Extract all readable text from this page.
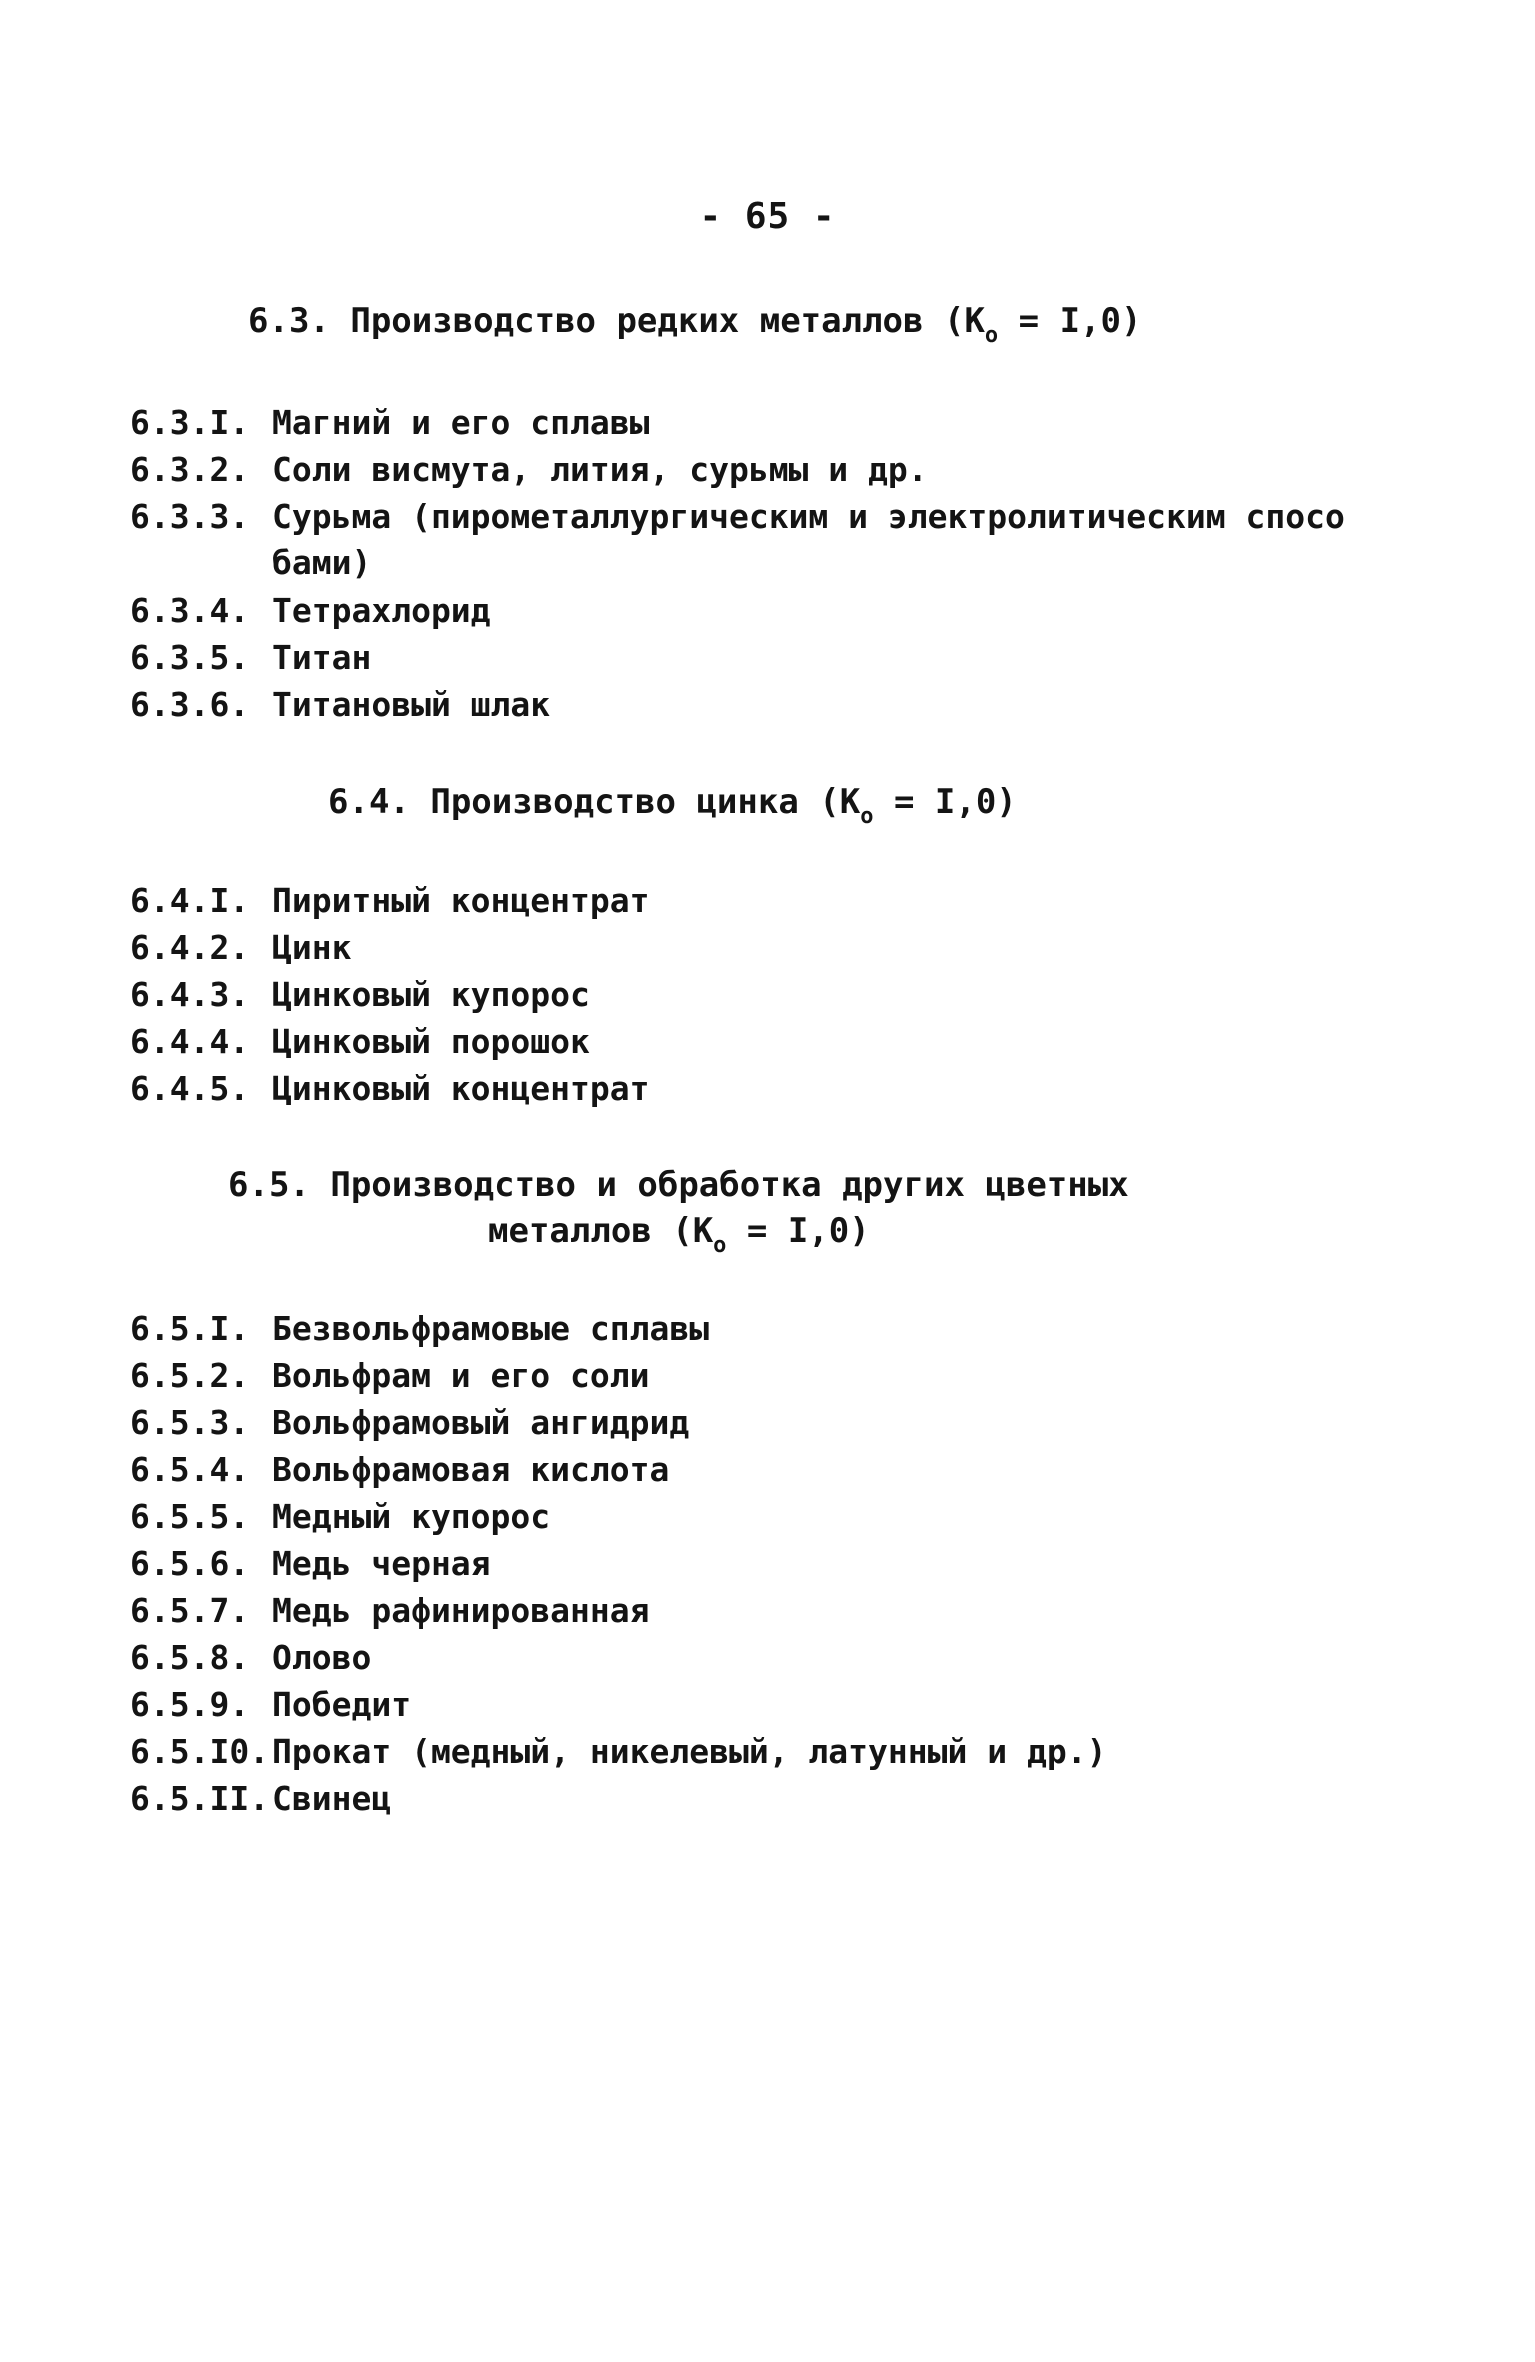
- 65 -
6.3. Производство редких металлов $(К_о = I,0)$
6.3.I. Магний и его сплавы
6.3.2. Соли висмута, лития, сурьмы и др.
6.3.3. Сурьма (пирометаллургическим и электролитическим спосо
бами)
6.3.4. Тетрахлорид
6.3.5. Титан
6.3.6. Титановый шлак
6.4. Производство цинка $(К_о = I,0)$
6.4.I. Пиритный концентрат
6.4.2. Цинк
6.4.3. Цинковый купорос
6.4.4. Цинковый порошок
6.4.5. Цинковый концентрат
6.5. Производство и обработка других цветных
металлов $(К_о = I,0)$
6.5.I. Безвольфрамовые сплавы
6.5.2. Вольфрам и его соли
6.5.3. Вольфрамовый ангидрид
6.5.4. Вольфрамовая кислота
6.5.5. Медный купорос
6.5.6. Медь черная
6.5.7. Медь рафинированная
6.5.8. Олово
6.5.9. Победит
6.5.I0.Прокат (медный, никелевый, латунный и др.)
6.5.II.Свинец
